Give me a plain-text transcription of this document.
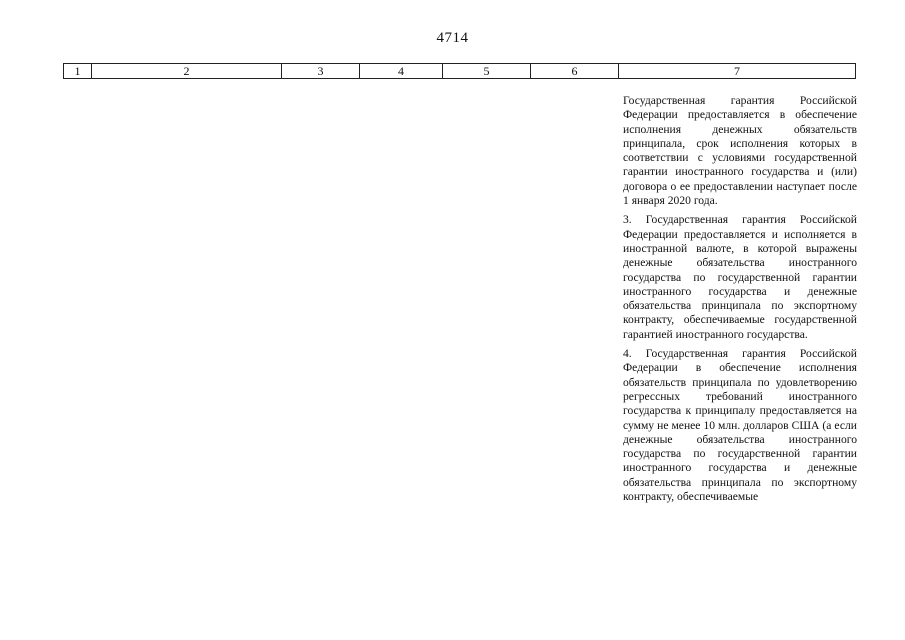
4714
1	2	3	4	5	6	7

Государственная гарантия Российской Федерации предоставляется в обеспечение исполнения денежных обязательств принципала, срок исполнения которых в соответствии с условиями государственной гарантии иностранного государства и (или) договора о ее предоставлении наступает после 1 января 2020 года.

3. Государственная гарантия Российской Федерации предоставляется и исполняется в иностранной валюте, в которой выражены денежные обязательства иностранного государства по государственной гарантии иностранного государства и денежные обязательства принципала по экспортному контракту, обеспечиваемые государственной гарантией иностранного государства.

4. Государственная гарантия Российской Федерации в обеспечение исполнения обязательств принципала по удовлетворению регрессных требований иностранного государства к принципалу предоставляется на сумму не менее 10 млн. долларов США (а если денежные обязательства иностранного государства по государственной гарантии иностранного государства и денежные обязательства принципала по экспортному контракту, обеспечиваемые
